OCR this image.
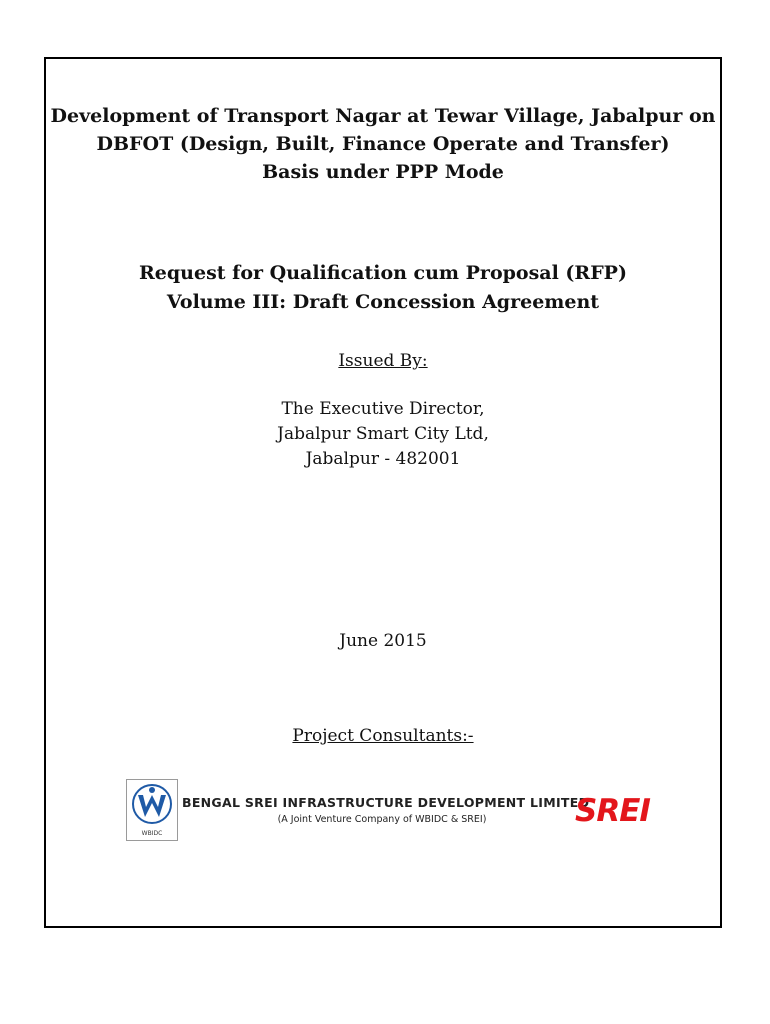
Development of Transport Nagar at Tewar Village, Jabalpur on
DBFOT (Design, Built, Finance Operate and Transfer)
Basis under PPP Mode
Request for Qualification cum Proposal (RFP)
Volume III: Draft Concession Agreement
Issued By:
The Executive Director,
Jabalpur Smart City Ltd,
Jabalpur - 482001
June 2015
Project Consultants:-
WBIDC
BENGAL SREI INFRASTRUCTURE DEVELOPMENT LIMITED
(A Joint Venture Company of WBIDC & SREI)	SREI
